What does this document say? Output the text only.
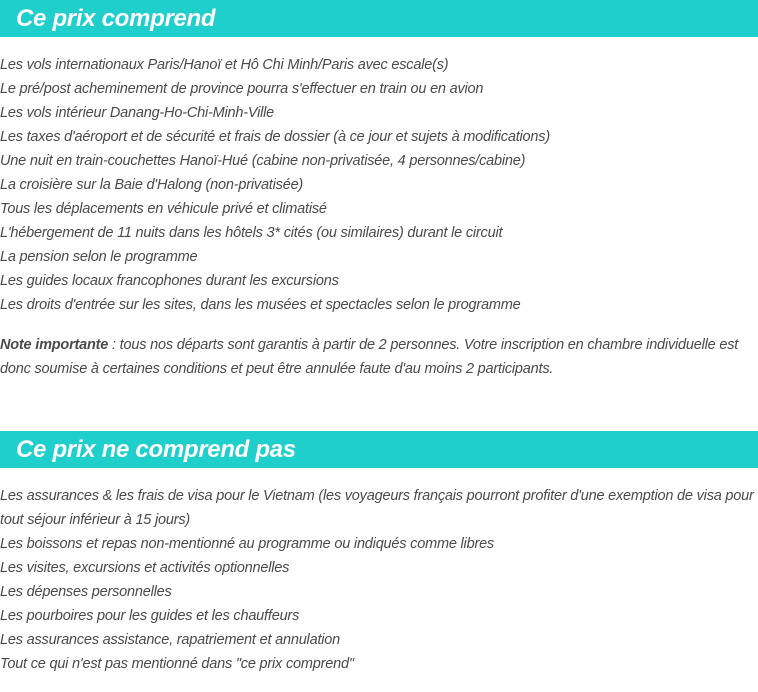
Ce prix comprend
Les vols internationaux Paris/Hanoï et Hô Chi Minh/Paris avec escale(s)
Le pré/post acheminement de province pourra s'effectuer en train ou en avion
Les vols intérieur Danang-Ho-Chi-Minh-Ville
Les taxes d'aéroport et de sécurité et frais de dossier (à ce jour et sujets à modifications)
Une nuit en train-couchettes Hanoï-Hué (cabine non-privatisée, 4 personnes/cabine)
La croisière sur la Baie d'Halong (non-privatisée)
Tous les déplacements en véhicule privé et climatisé
L'hébergement de 11 nuits dans les hôtels 3* cités (ou similaires) durant le circuit
La pension selon le programme
Les guides locaux francophones durant les excursions
Les droits d'entrée sur les sites, dans les musées et spectacles selon le programme

Note importante : tous nos départs sont garantis à partir de 2 personnes. Votre inscription en chambre individuelle est donc soumise à certaines conditions et peut être annulée faute d'au moins 2 participants.

Ce prix ne comprend pas
Les assurances & les frais de visa pour le Vietnam (les voyageurs français pourront profiter d'une exemption de visa pour tout séjour inférieur à 15 jours)
Les boissons et repas non-mentionné au programme ou indiqués comme libres
Les visites, excursions et activités optionnelles
Les dépenses personnelles
Les pourboires pour les guides et les chauffeurs
Les assurances assistance, rapatriement et annulation
Tout ce qui n'est pas mentionné dans "ce prix comprend"
